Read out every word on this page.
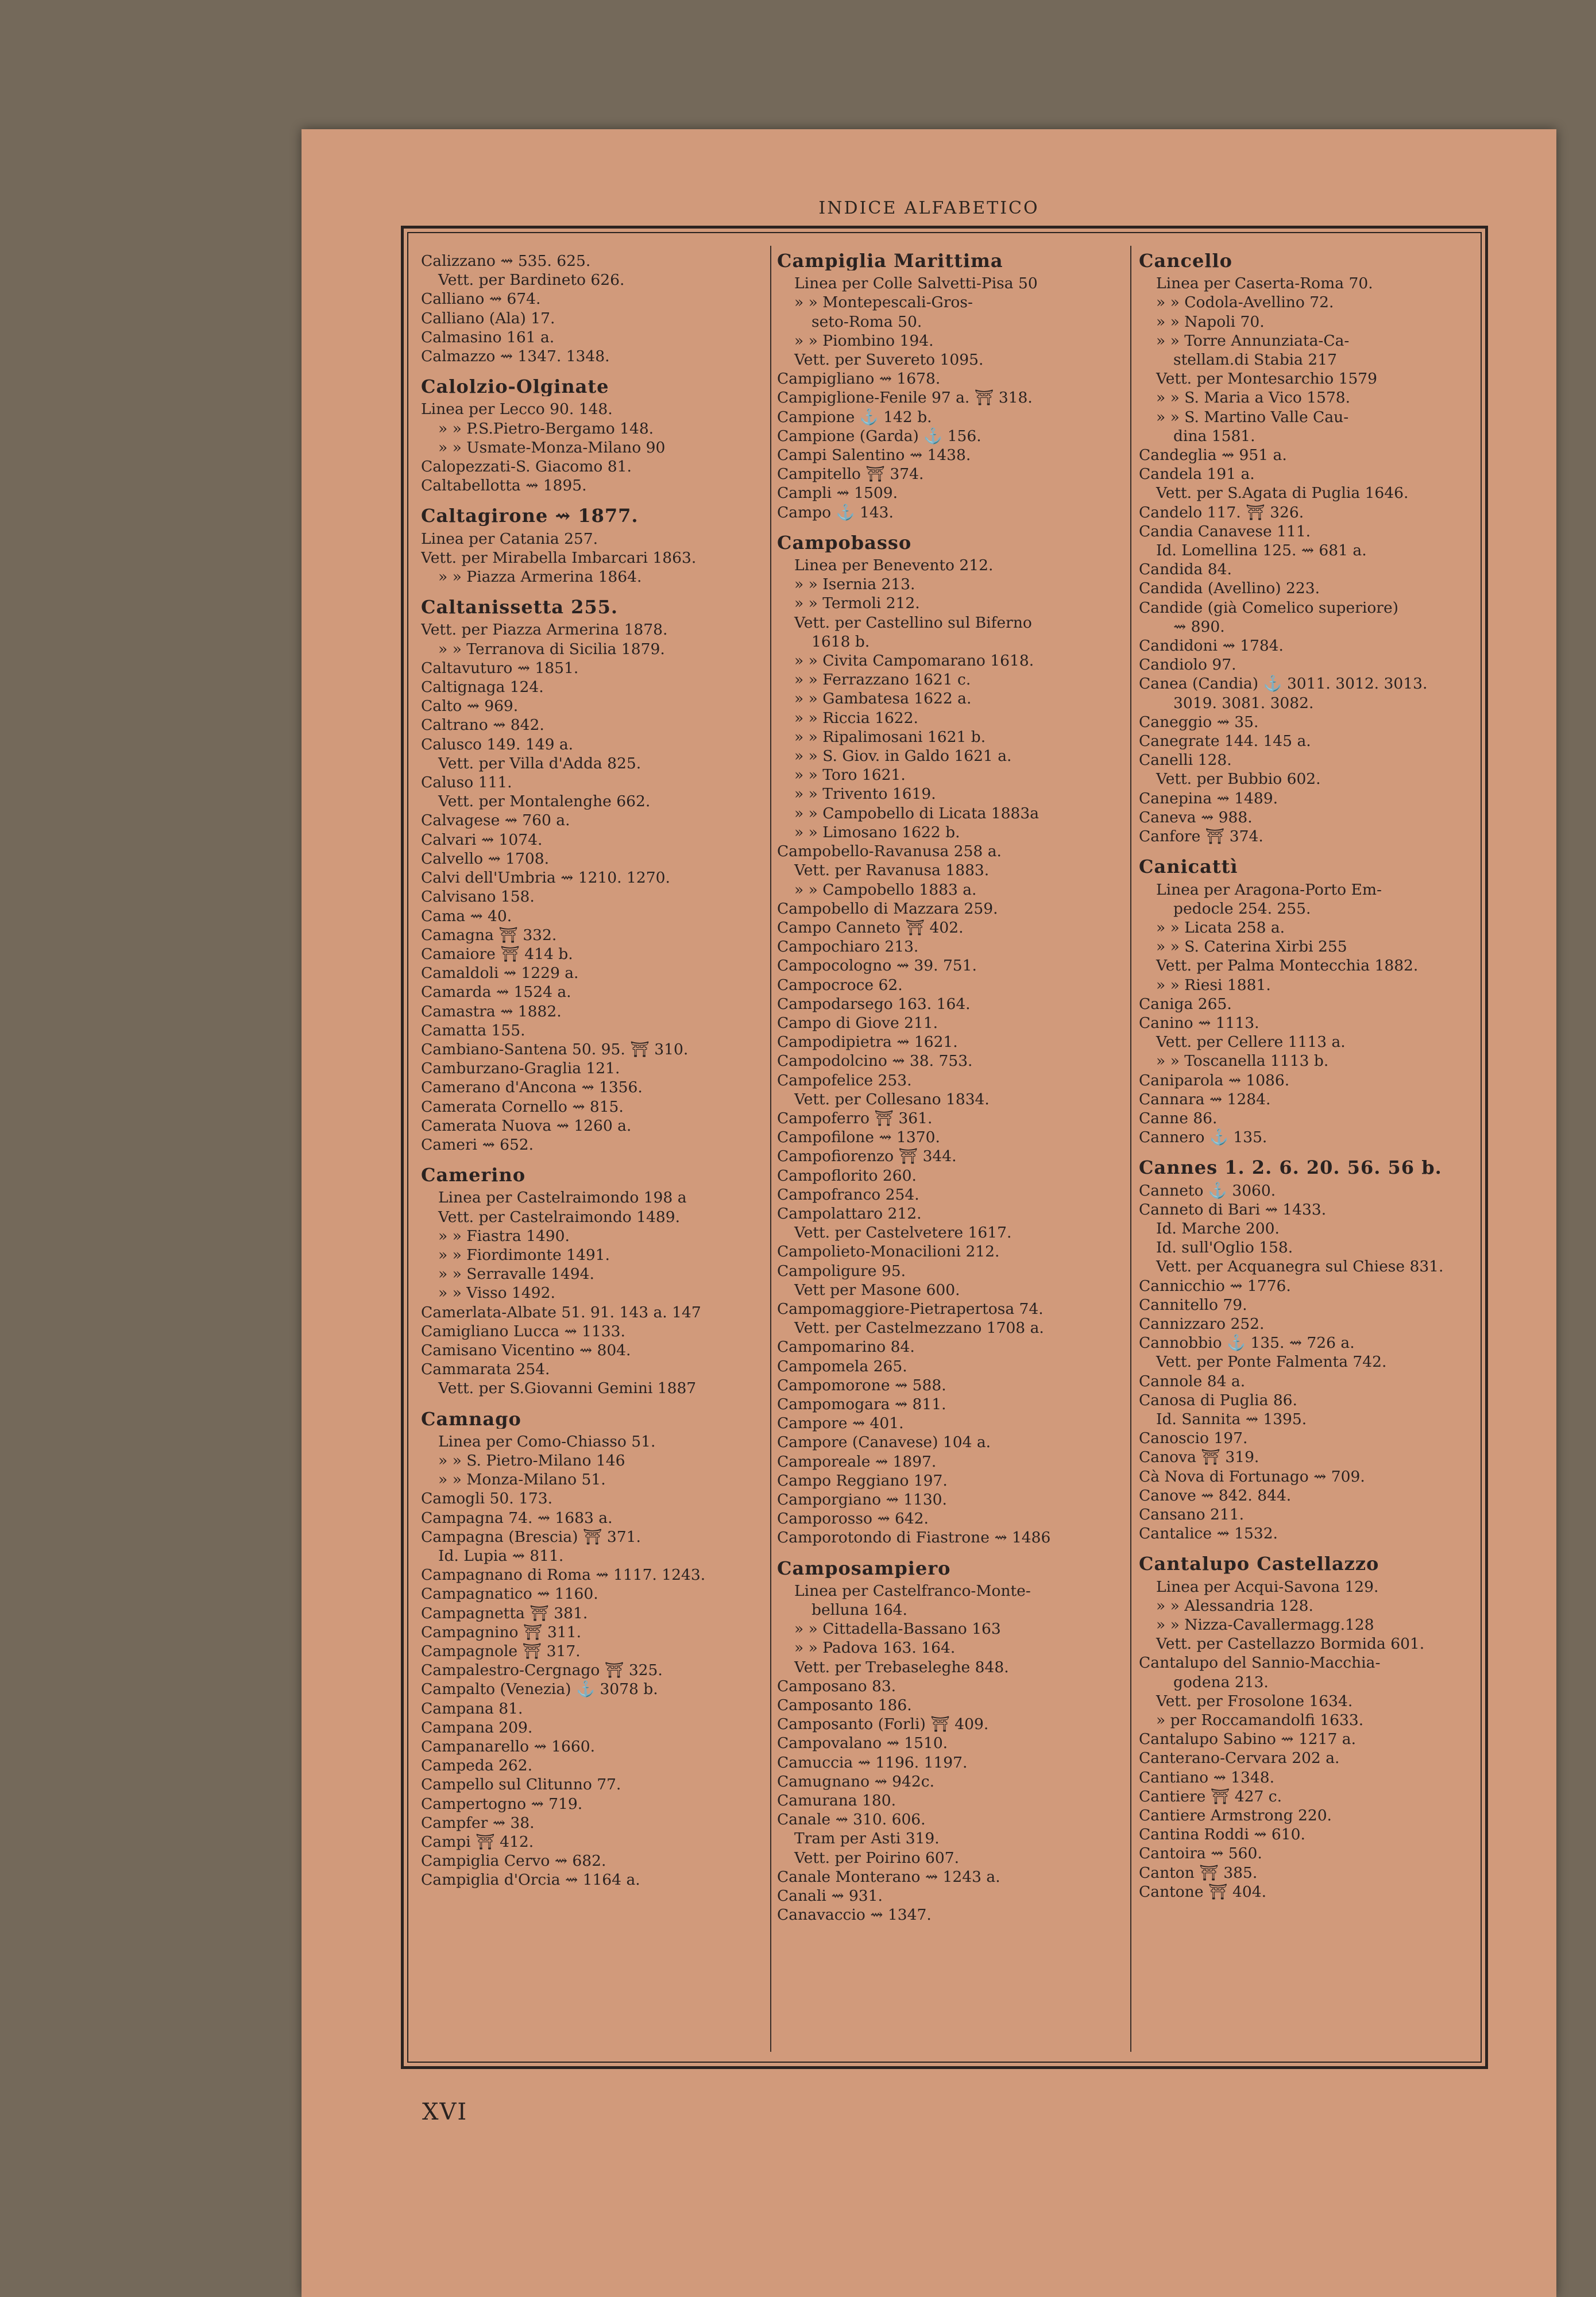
INDICE ALFABETICO
Calizzano ⇝ 535. 625.
Vett. per Bardineto 626.
Calliano ⇝ 674.
Calliano (Ala) 17.
Calmasino 161 a.
Calmazzo ⇝ 1347. 1348.
Calolzio-Olginate
Linea per Lecco 90. 148.
» » P.S.Pietro-Bergamo 148.
» » Usmate-Monza-Milano 90
Calopezzati-S. Giacomo 81.
Caltabellotta ⇝ 1895.
Caltagirone ⇝ 1877.
Linea per Catania 257.
Vett. per Mirabella Imbarcari 1863.
» » Piazza Armerina 1864.
Caltanissetta 255.
Vett. per Piazza Armerina 1878.
» » Terranova di Sicilia 1879.
Caltavuturo ⇝ 1851.
Caltignaga 124.
Calto ⇝ 969.
Caltrano ⇝ 842.
Calusco 149. 149 a.
Vett. per Villa d'Adda 825.
Caluso 111.
Vett. per Montalenghe 662.
Calvagese ⇝ 760 a.
Calvari ⇝ 1074.
Calvello ⇝ 1708.
Calvi dell'Umbria ⇝ 1210. 1270.
Calvisano 158.
Cama ⇝ 40.
Camagna ⛩ 332.
Camaiore ⛩ 414 b.
Camaldoli ⇝ 1229 a.
Camarda ⇝ 1524 a.
Camastra ⇝ 1882.
Camatta 155.
Cambiano-Santena 50. 95. ⛩ 310.
Camburzano-Graglia 121.
Camerano d'Ancona ⇝ 1356.
Camerata Cornello ⇝ 815.
Camerata Nuova ⇝ 1260 a.
Cameri ⇝ 652.
Camerino
Linea per Castelraimondo 198 a
Vett. per Castelraimondo 1489.
» » Fiastra 1490.
» » Fiordimonte 1491.
» » Serravalle 1494.
» » Visso 1492.
Camerlata-Albate 51. 91. 143 a. 147
Camigliano Lucca ⇝ 1133.
Camisano Vicentino ⇝ 804.
Cammarata 254.
Vett. per S.Giovanni Gemini 1887
Camnago
Linea per Como-Chiasso 51.
» » S. Pietro-Milano 146
» » Monza-Milano 51.
Camogli 50. 173.
Campagna 74. ⇝ 1683 a.
Campagna (Brescia) ⛩ 371.
Id. Lupia ⇝ 811.
Campagnano di Roma ⇝ 1117. 1243.
Campagnatico ⇝ 1160.
Campagnetta ⛩ 381.
Campagnino ⛩ 311.
Campagnole ⛩ 317.
Campalestro-Cergnago ⛩ 325.
Campalto (Venezia) ⚓ 3078 b.
Campana 81.
Campana 209.
Campanarello ⇝ 1660.
Campeda 262.
Campello sul Clitunno 77.
Campertogno ⇝ 719.
Campfer ⇝ 38.
Campi ⛩ 412.
Campiglia Cervo ⇝ 682.
Campiglia d'Orcia ⇝ 1164 a.
Campiglia Marittima
Linea per Colle Salvetti-Pisa 50
» » Montepescali-Gros-
seto-Roma 50.
» » Piombino 194.
Vett. per Suvereto 1095.
Campigliano ⇝ 1678.
Campiglione-Fenile 97 a. ⛩ 318.
Campione ⚓ 142 b.
Campione (Garda) ⚓ 156.
Campi Salentino ⇝ 1438.
Campitello ⛩ 374.
Campli ⇝ 1509.
Campo ⚓ 143.
Campobasso
Linea per Benevento 212.
» » Isernia 213.
» » Termoli 212.
Vett. per Castellino sul Biferno
1618 b.
» » Civita Campomarano 1618.
» » Ferrazzano 1621 c.
» » Gambatesa 1622 a.
» » Riccia 1622.
» » Ripalimosani 1621 b.
» » S. Giov. in Galdo 1621 a.
» » Toro 1621.
» » Trivento 1619.
» » Campobello di Licata 1883a
» » Limosano 1622 b.
Campobello-Ravanusa 258 a.
Vett. per Ravanusa 1883.
» » Campobello 1883 a.
Campobello di Mazzara 259.
Campo Canneto ⛩ 402.
Campochiaro 213.
Campocologno ⇝ 39. 751.
Campocroce 62.
Campodarsego 163. 164.
Campo di Giove 211.
Campodipietra ⇝ 1621.
Campodolcino ⇝ 38. 753.
Campofelice 253.
Vett. per Collesano 1834.
Campoferro ⛩ 361.
Campofilone ⇝ 1370.
Campofiorenzo ⛩ 344.
Campoflorito 260.
Campofranco 254.
Campolattaro 212.
Vett. per Castelvetere 1617.
Campolieto-Monacilioni 212.
Campoligure 95.
Vett per Masone 600.
Campomaggiore-Pietrapertosa 74.
Vett. per Castelmezzano 1708 a.
Campomarino 84.
Campomela 265.
Campomorone ⇝ 588.
Campomogara ⇝ 811.
Campore ⇝ 401.
Campore (Canavese) 104 a.
Camporeale ⇝ 1897.
Campo Reggiano 197.
Camporgiano ⇝ 1130.
Camporosso ⇝ 642.
Camporotondo di Fiastrone ⇝ 1486
Camposampiero
Linea per Castelfranco-Monte-
belluna 164.
» » Cittadella-Bassano 163
» » Padova 163. 164.
Vett. per Trebaseleghe 848.
Camposano 83.
Camposanto 186.
Camposanto (Forli) ⛩ 409.
Campovalano ⇝ 1510.
Camuccia ⇝ 1196. 1197.
Camugnano ⇝ 942c.
Camurana 180.
Canale ⇝ 310. 606.
Tram per Asti 319.
Vett. per Poirino 607.
Canale Monterano ⇝ 1243 a.
Canali ⇝ 931.
Canavaccio ⇝ 1347.
Cancello
Linea per Caserta-Roma 70.
» » Codola-Avellino 72.
» » Napoli 70.
» » Torre Annunziata-Ca-
stellam.di Stabia 217
Vett. per Montesarchio 1579
» » S. Maria a Vico 1578.
» » S. Martino Valle Cau-
dina 1581.
Candeglia ⇝ 951 a.
Candela 191 a.
Vett. per S.Agata di Puglia 1646.
Candelo 117. ⛩ 326.
Candia Canavese 111.
Id. Lomellina 125. ⇝ 681 a.
Candida 84.
Candida (Avellino) 223.
Candide (già Comelico superiore)
⇝ 890.
Candidoni ⇝ 1784.
Candiolo 97.
Canea (Candia) ⚓ 3011. 3012. 3013.
3019. 3081. 3082.
Caneggio ⇝ 35.
Canegrate 144. 145 a.
Canelli 128.
Vett. per Bubbio 602.
Canepina ⇝ 1489.
Caneva ⇝ 988.
Canfore ⛩ 374.
Canicattì
Linea per Aragona-Porto Em-
pedocle 254. 255.
» » Licata 258 a.
» » S. Caterina Xirbi 255
Vett. per Palma Montecchia 1882.
» » Riesi 1881.
Caniga 265.
Canino ⇝ 1113.
Vett. per Cellere 1113 a.
» » Toscanella 1113 b.
Caniparola ⇝ 1086.
Cannara ⇝ 1284.
Canne 86.
Cannero ⚓ 135.
Cannes 1. 2. 6. 20. 56. 56 b.
Canneto ⚓ 3060.
Canneto di Bari ⇝ 1433.
Id. Marche 200.
Id. sull'Oglio 158.
Vett. per Acquanegra sul Chiese 831.
Cannicchio ⇝ 1776.
Cannitello 79.
Cannizzaro 252.
Cannobbio ⚓ 135. ⇝ 726 a.
Vett. per Ponte Falmenta 742.
Cannole 84 a.
Canosa di Puglia 86.
Id. Sannita ⇝ 1395.
Canoscio 197.
Canova ⛩ 319.
Cà Nova di Fortunago ⇝ 709.
Canove ⇝ 842. 844.
Cansano 211.
Cantalice ⇝ 1532.
Cantalupo Castellazzo
Linea per Acqui-Savona 129.
» » Alessandria 128.
» » Nizza-Cavallermagg.128
Vett. per Castellazzo Bormida 601.
Cantalupo del Sannio-Macchia-
godena 213.
Vett. per Frosolone 1634.
» per Roccamandolfi 1633.
Cantalupo Sabino ⇝ 1217 a.
Canterano-Cervara 202 a.
Cantiano ⇝ 1348.
Cantiere ⛩ 427 c.
Cantiere Armstrong 220.
Cantina Roddi ⇝ 610.
Cantoira ⇝ 560.
Canton ⛩ 385.
Cantone ⛩ 404.
XVI
